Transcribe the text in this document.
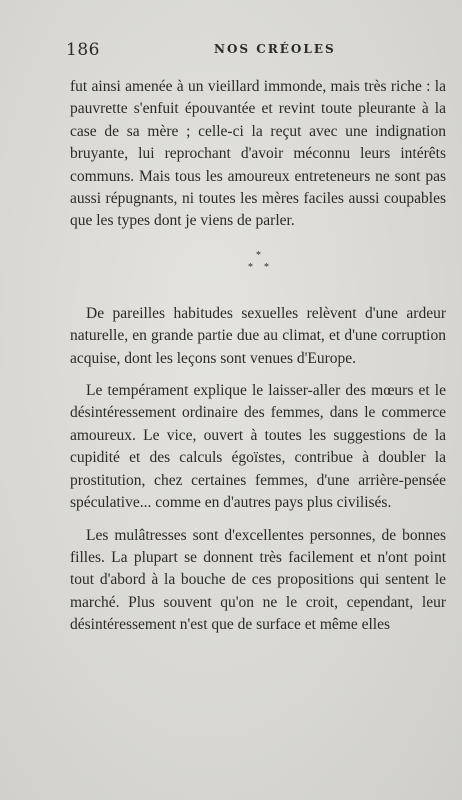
186	NOS CRÉOLES

fut ainsi amenée à un vieillard immonde, mais très riche : la pauvrette s'enfuit épouvantée et revint toute pleurante à la case de sa mère ; celle-ci la reçut avec une indignation bruyante, lui reprochant d'avoir méconnu leurs intérêts communs. Mais tous les amoureux entreteneurs ne sont pas aussi répugnants, ni toutes les mères faciles aussi coupables que les types dont je viens de parler.

*
* *

De pareilles habitudes sexuelles relèvent d'une ardeur naturelle, en grande partie due au climat, et d'une corruption acquise, dont les leçons sont venues d'Europe.

Le tempérament explique le laisser-aller des mœurs et le désintéressement ordinaire des femmes, dans le commerce amoureux. Le vice, ouvert à toutes les suggestions de la cupidité et des calculs égoïstes, contribue à doubler la prostitution, chez certaines femmes, d'une arrière-pensée spéculative... comme en d'autres pays plus civilisés.

Les mulâtresses sont d'excellentes personnes, de bonnes filles. La plupart se donnent très facilement et n'ont point tout d'abord à la bouche de ces propositions qui sentent le marché. Plus souvent qu'on ne le croit, cependant, leur désintéressement n'est que de surface et même elles
